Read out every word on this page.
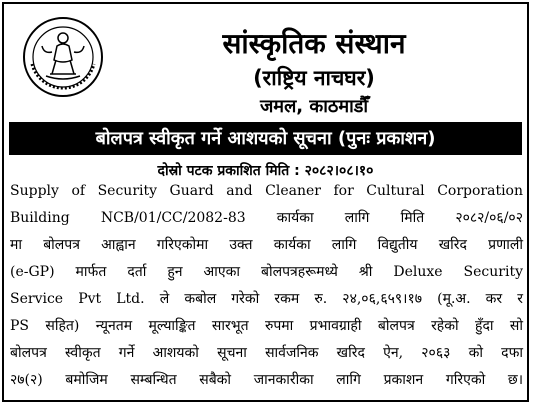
सांस्कृतिक संस्थान
(राष्ट्रिय नाचघर)
जमल, काठमाडौँ
बोलपत्र स्वीकृत गर्ने आशयको सूचना (पुनः प्रकाशन)
दोस्रो पटक प्रकाशित मिति : २०८२।०८।१०
Supply of Security Guard and Cleaner for Cultural Corporation
Building NCB/01/CC/2082-83 कार्यका लागि मिति २०८२/०६/०२
मा बोलपत्र आह्वान गरिएकोमा उक्त कार्यका लागि विद्युतीय खरिद प्रणाली
(e-GP) मार्फत दर्ता हुन आएका बोलपत्रहरूमध्ये श्री Deluxe Security
Service Pvt Ltd. ले कबोल गरेको रकम रु. २४,०६,६५९।१७ (मू.अ. कर र
PS सहित) न्यूनतम मूल्याङ्कित सारभूत रुपमा प्रभावग्राही बोलपत्र रहेको हुँदा सो
बोलपत्र स्वीकृत गर्ने आशयको सूचना सार्वजनिक खरिद ऐन, २०६३ को दफा
२७(२) बमोजिम सम्बन्धित सबैको जानकारीका लागि प्रकाशन गरिएको छ।
